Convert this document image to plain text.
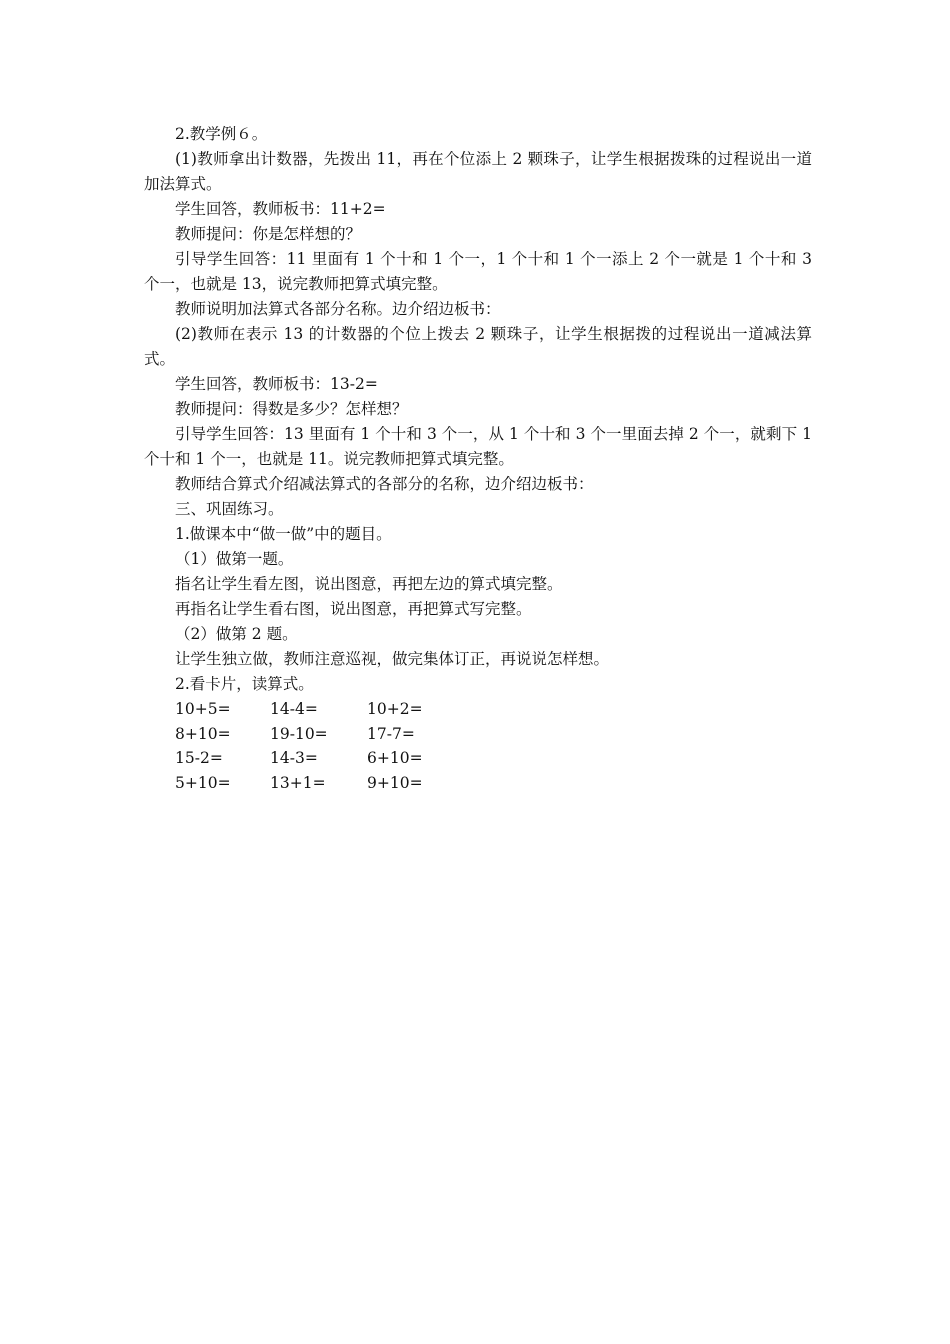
2.教学例６。

(1)教师拿出计数器，先拨出 11，再在个位添上 2 颗珠子，让学生根据拨珠的过程说出一道加法算式。

学生回答，教师板书：11+2=

教师提问：你是怎样想的？

引导学生回答：11 里面有 1 个十和 1 个一，1 个十和 1 个一添上 2 个一就是 1 个十和 3 个一，也就是 13，说完教师把算式填完整。

教师说明加法算式各部分名称。边介绍边板书：

(2)教师在表示 13 的计数器的个位上拨去 2 颗珠子，让学生根据拨的过程说出一道减法算式。

学生回答，教师板书：13-2=

教师提问：得数是多少？怎样想？

引导学生回答：13 里面有 1 个十和 3 个一，从 1 个十和 3 个一里面去掉 2 个一，就剩下 1 个十和 1 个一，也就是 11。说完教师把算式填完整。

教师结合算式介绍减法算式的各部分的名称，边介绍边板书：

三、巩固练习。

1.做课本中“做一做”中的题目。

（1）做第一题。

指名让学生看左图，说出图意，再把左边的算式填完整。

再指名让学生看右图，说出图意，再把算式写完整。

（2）做第 2 题。

让学生独立做，教师注意巡视，做完集体订正，再说说怎样想。

2.看卡片，读算式。

10+5=	14-4=	10+2=
8+10=	19-10=	17-7=
15-2=	14-3=	6+10=
5+10=	13+1=	9+10=
